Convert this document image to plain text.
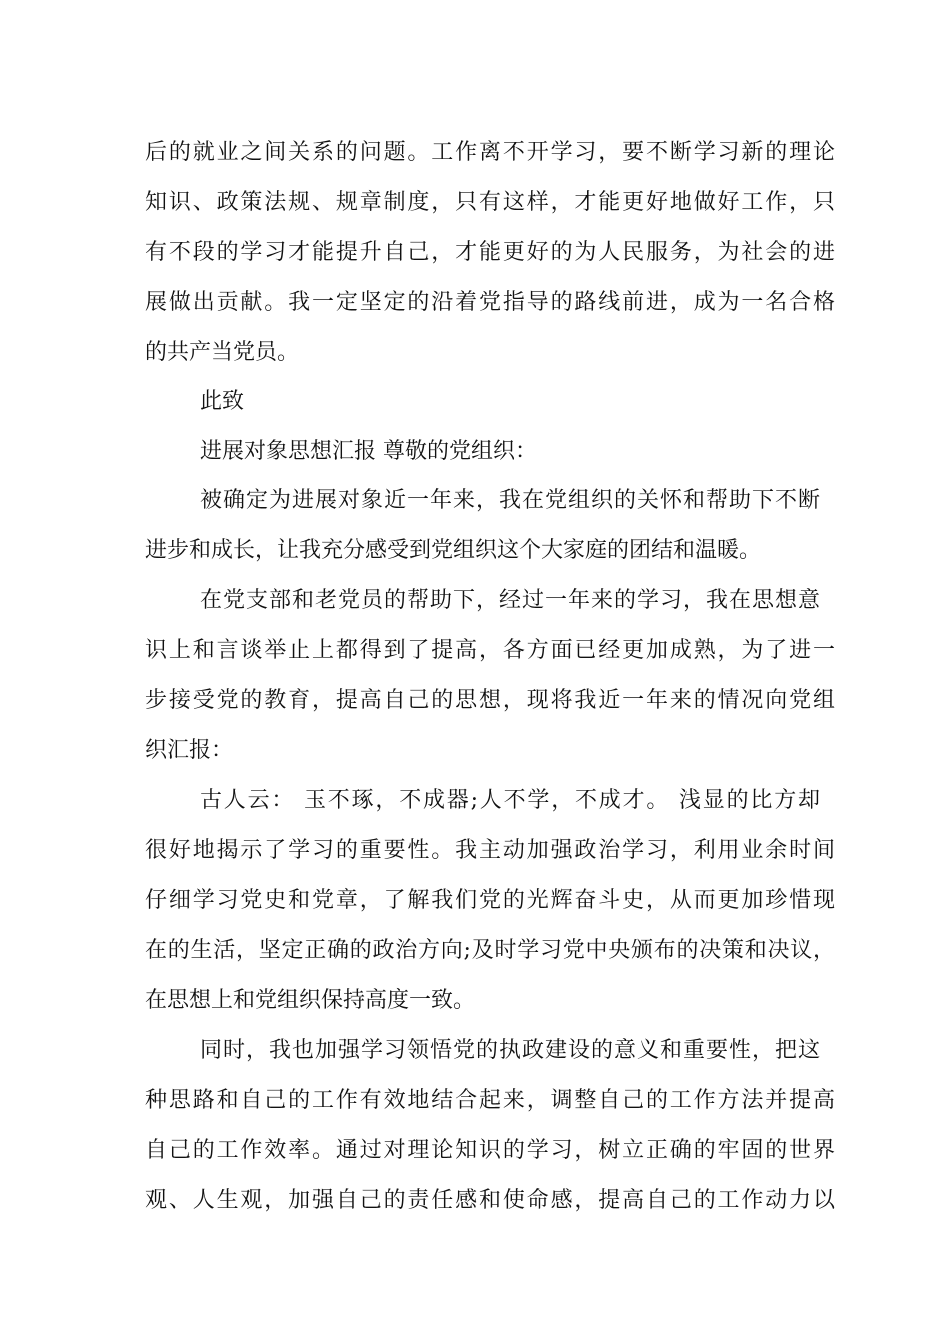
后的就业之间关系的问题。工作离不开学习，要不断学习新的理论
知识、政策法规、规章制度，只有这样，才能更好地做好工作，只
有不段的学习才能提升自己，才能更好的为人民服务，为社会的进
展做出贡献。我一定坚定的沿着党指导的路线前进，成为一名合格
的共产当党员。
此致
进展对象思想汇报 尊敬的党组织：
被确定为进展对象近一年来，我在党组织的关怀和帮助下不断
进步和成长，让我充分感受到党组织这个大家庭的团结和温暖。
在党支部和老党员的帮助下，经过一年来的学习，我在思想意
识上和言谈举止上都得到了提高，各方面已经更加成熟，为了进一
步接受党的教育，提高自己的思想，现将我近一年来的情况向党组
织汇报：
古人云： 玉不琢，不成器;人不学，不成才。 浅显的比方却
很好地揭示了学习的重要性。我主动加强政治学习，利用业余时间
仔细学习党史和党章，了解我们党的光辉奋斗史，从而更加珍惜现
在的生活，坚定正确的政治方向;及时学习党中央颁布的决策和决议，
在思想上和党组织保持高度一致。
同时，我也加强学习领悟党的执政建设的意义和重要性，把这
种思路和自己的工作有效地结合起来，调整自己的工作方法并提高
自己的工作效率。通过对理论知识的学习，树立正确的牢固的世界
观、人生观，加强自己的责任感和使命感，提高自己的工作动力以
